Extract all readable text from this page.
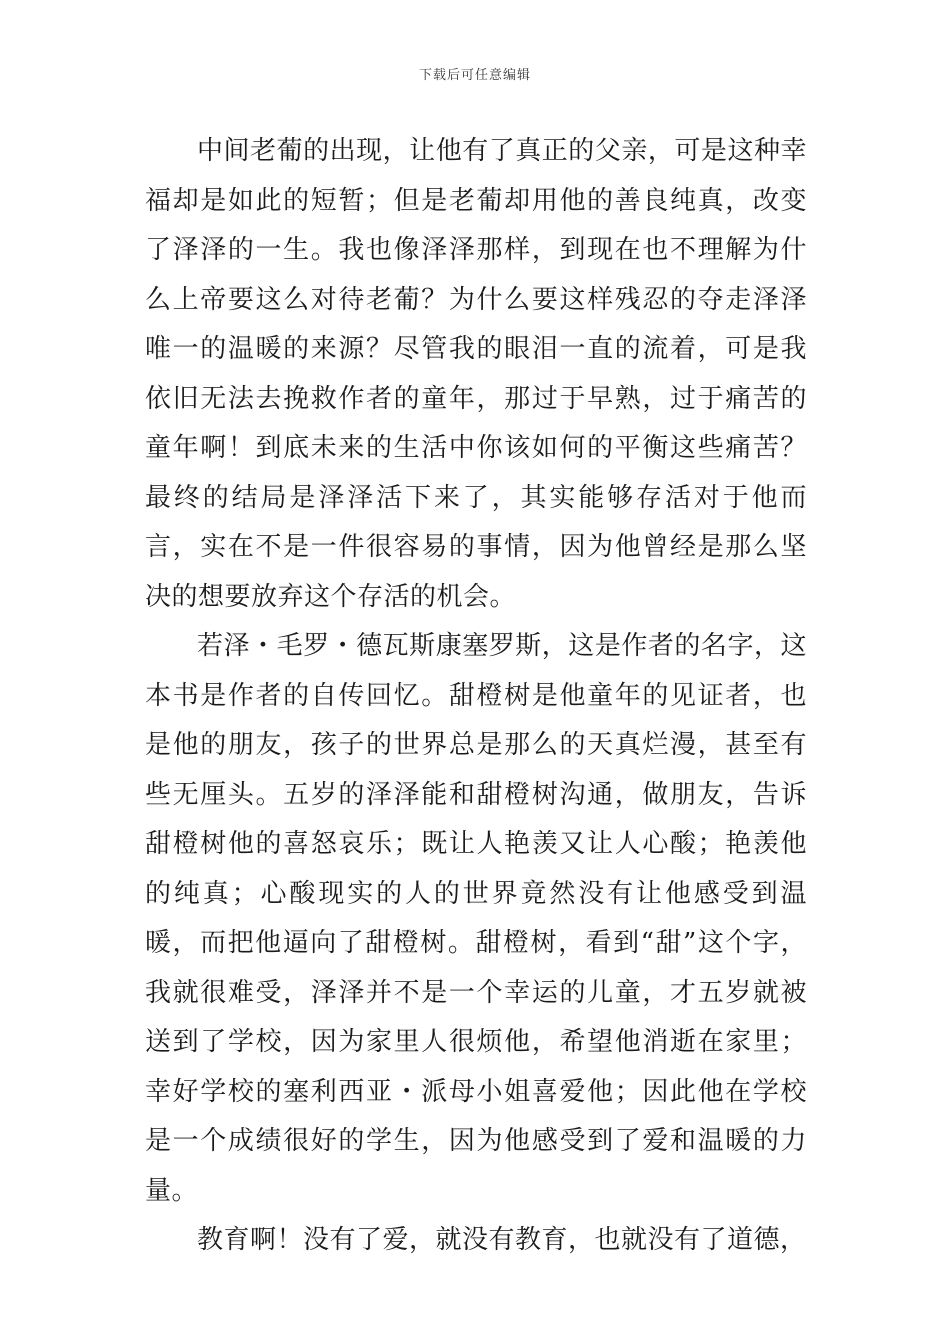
下载后可任意编辑

中间老葡的出现，让他有了真正的父亲，可是这种幸福却是如此的短暂；但是老葡却用他的善良纯真，改变了泽泽的一生。我也像泽泽那样，到现在也不理解为什么上帝要这么对待老葡？为什么要这样残忍的夺走泽泽唯一的温暖的来源？尽管我的眼泪一直的流着，可是我依旧无法去挽救作者的童年，那过于早熟，过于痛苦的童年啊！到底未来的生活中你该如何的平衡这些痛苦？最终的结局是泽泽活下来了，其实能够存活对于他而言，实在不是一件很容易的事情，因为他曾经是那么坚决的想要放弃这个存活的机会。

若泽・毛罗・德瓦斯康塞罗斯，这是作者的名字，这本书是作者的自传回忆。甜橙树是他童年的见证者，也是他的朋友，孩子的世界总是那么的天真烂漫，甚至有些无厘头。五岁的泽泽能和甜橙树沟通，做朋友，告诉甜橙树他的喜怒哀乐；既让人艳羡又让人心酸；艳羡他的纯真；心酸现实的人的世界竟然没有让他感受到温暖，而把他逼向了甜橙树。甜橙树，看到“甜”这个字，我就很难受，泽泽并不是一个幸运的儿童，才五岁就被送到了学校，因为家里人很烦他，希望他消逝在家里；幸好学校的塞利西亚・派母小姐喜爱他；因此他在学校是一个成绩很好的学生，因为他感受到了爱和温暖的力量。

教育啊！没有了爱，就没有教育，也就没有了道德，
